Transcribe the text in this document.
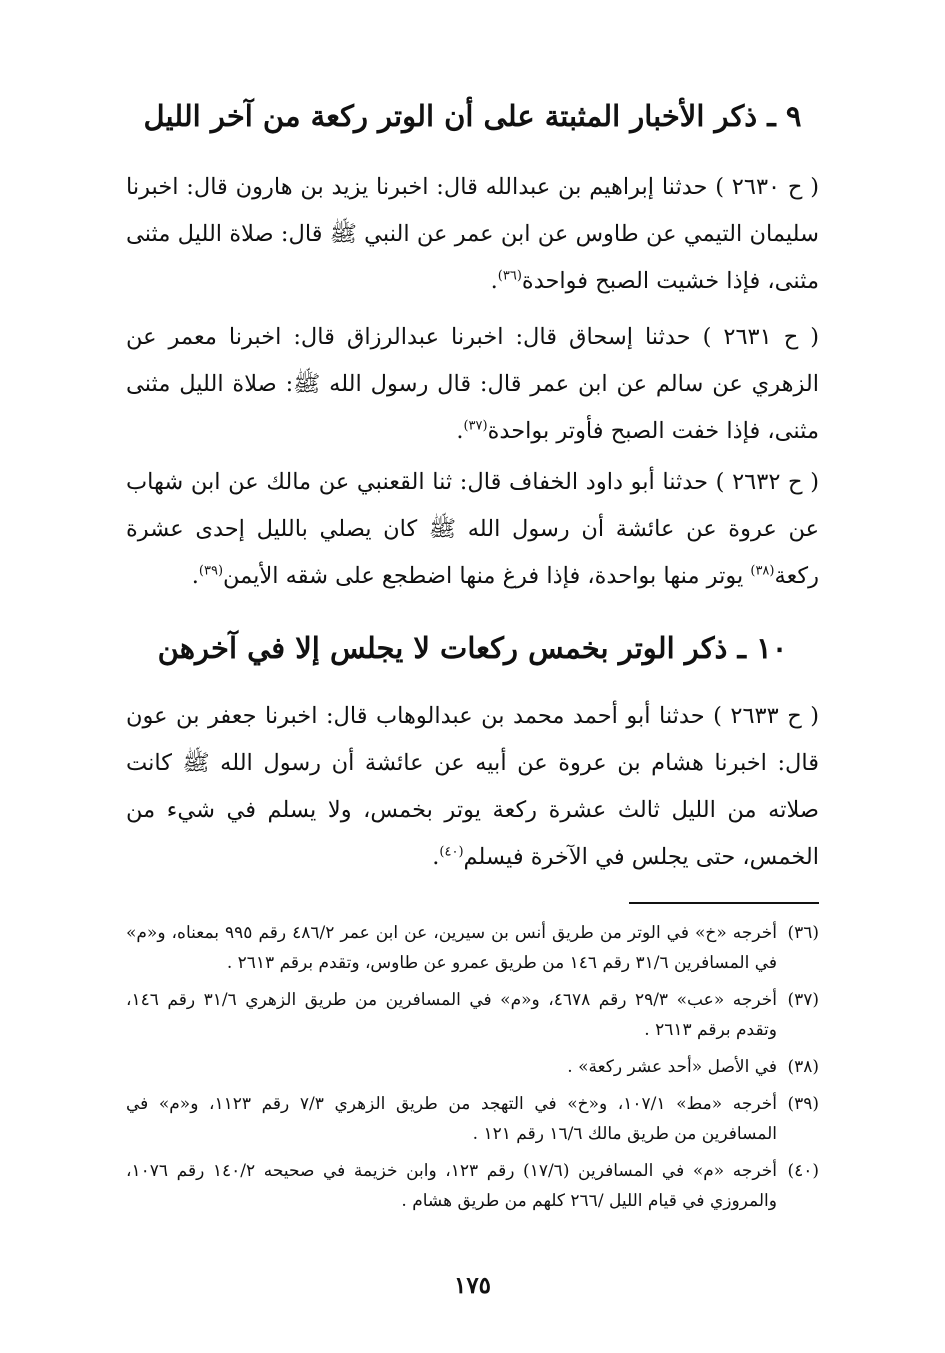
٩ ـ ذكر الأخبار المثبتة على أن الوتر ركعة من آخر الليل

( ح ٢٦٣٠ ) حدثنا إبراهيم بن عبدالله قال: اخبرنا يزيد بن هارون قال: اخبرنا سليمان التيمي عن طاوس عن ابن عمر عن النبي ﷺ قال: صلاة الليل مثنى مثنى، فإذا خشيت الصبح فواحدة$^{(٣٦)}$.

( ح ٢٦٣١ ) حدثنا إسحاق قال: اخبرنا عبدالرزاق قال: اخبرنا معمر عن الزهري عن سالم عن ابن عمر قال: قال رسول الله ﷺ: صلاة الليل مثنى مثنى، فإذا خفت الصبح فأوتر بواحدة$^{(٣٧)}$.

( ح ٢٦٣٢ ) حدثنا أبو داود الخفاف قال: ثنا القعنبي عن مالك عن ابن شهاب عن عروة عن عائشة أن رسول الله ﷺ كان يصلي بالليل إحدى عشرة ركعة$^{(٣٨)}$ يوتر منها بواحدة، فإذا فرغ منها اضطجع على شقه الأيمن$^{(٣٩)}$.

١٠ ـ ذكر الوتر بخمس ركعات لا يجلس إلا في آخرهن

( ح ٢٦٣٣ ) حدثنا أبو أحمد محمد بن عبدالوهاب قال: اخبرنا جعفر بن عون قال: اخبرنا هشام بن عروة عن أبيه عن عائشة أن رسول الله ﷺ كانت صلاته من الليل ثالث عشرة ركعة يوتر بخمس، ولا يسلم في شيء من الخمس، حتى يجلس في الآخرة فيسلم$^{(٤٠)}$.

(٣٦)
أخرجه «خ» في الوتر من طريق أنس بن سيرين، عن ابن عمر ٤٨٦/٢ رقم ٩٩٥ بمعناه، و«م» في المسافرين ٣١/٦ رقم ١٤٦ من طريق عمرو عن طاوس، وتقدم برقم ٢٦١٣ .
(٣٧)
أخرجه «عب» ٢٩/٣ رقم ٤٦٧٨، و«م» في المسافرين من طريق الزهري ٣١/٦ رقم ١٤٦، وتقدم برقم ٢٦١٣ .
(٣٨)
في الأصل «أحد عشر ركعة» .
(٣٩)
أخرجه «مط» ١٠٧/١، و«خ» في التهجد من طريق الزهري ٧/٣ رقم ١١٢٣، و«م» في المسافرين من طريق مالك ١٦/٦ رقم ١٢١ .
(٤٠)
أخرجه «م» في المسافرين (١٧/٦) رقم ١٢٣، وابن خزيمة في صحيحه ١٤٠/٢ رقم ١٠٧٦، والمروزي في قيام الليل /٢٦٦ كلهم من طريق هشام .
١٧٥
